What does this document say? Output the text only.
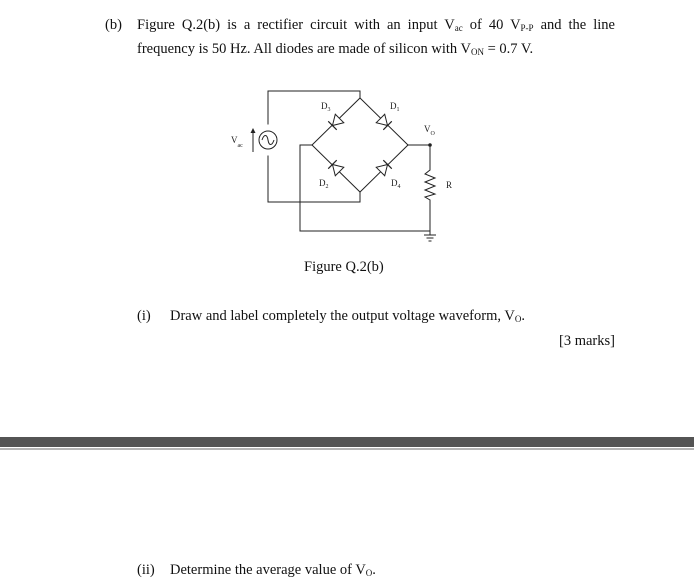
(b) Figure Q.2(b) is a rectifier circuit with an input $V_{ac}$ of 40 $V_{P-P}$ and the line
frequency is 50 Hz. All diodes are made of silicon with $V_{ON} = 0.7$ V.
$D_3$	$D_1$
$D_2$	$D_4$
$V_O$
$V_{ac}$
R
Figure Q.2(b)
(i) Draw and label completely the output voltage waveform, $V_O$.
[3 marks]
(ii) Determine the average value of $V_O$.
